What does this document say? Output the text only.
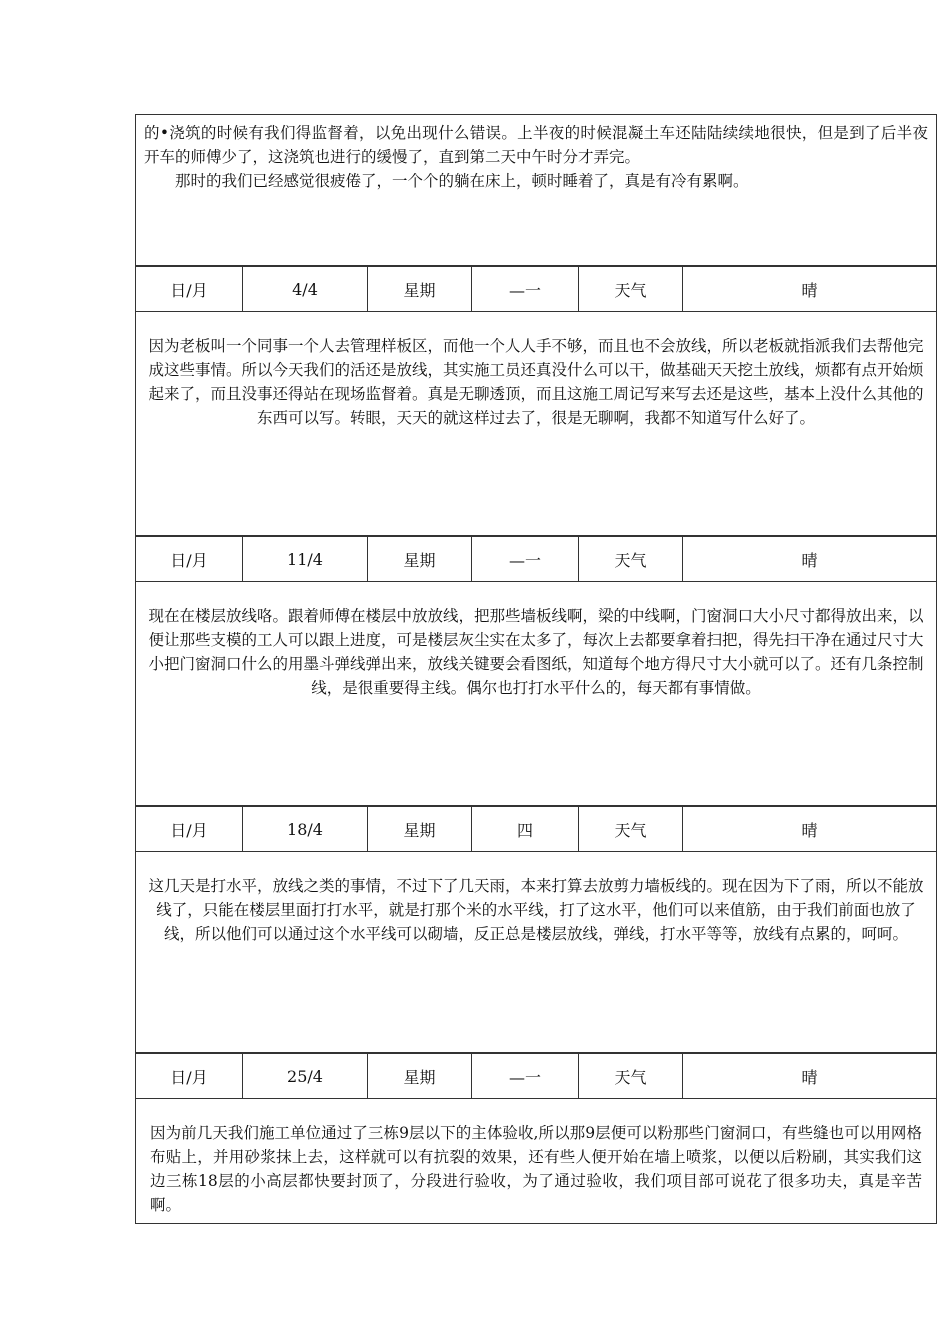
的•浇筑的时候有我们得监督着，以免出现什么错误。上半夜的时候混凝土车还陆陆续续地很快，但是到了后半夜开车的师傅少了，这浇筑也进行的缓慢了，直到第二天中午时分才弄完。

那时的我们已经感觉很疲倦了，一个个的躺在床上，顿时睡着了，真是有冷有累啊。

日/月	4/4	星期	—一	天气	晴

因为老板叫一个同事一个人去管理样板区，而他一个人人手不够，而且也不会放线，所以老板就指派我们去帮他完成这些事情。所以今天我们的活还是放线，其实施工员还真没什么可以干，做基础天天挖土放线，烦都有点开始烦起来了，而且没事还得站在现场监督着。真是无聊透顶，而且这施工周记写来写去还是这些，基本上没什么其他的东西可以写。转眼，天天的就这样过去了，很是无聊啊，我都不知道写什么好了。

日/月	11/4	星期	—一	天气	晴

现在在楼层放线咯。跟着师傅在楼层中放放线，把那些墙板线啊，梁的中线啊，门窗洞口大小尺寸都得放出来，以便让那些支模的工人可以跟上进度，可是楼层灰尘实在太多了，每次上去都要拿着扫把，得先扫干净在通过尺寸大小把门窗洞口什么的用墨斗弹线弹出来，放线关键要会看图纸，知道每个地方得尺寸大小就可以了。还有几条控制线，是很重要得主线。偶尔也打打水平什么的，每天都有事情做。

日/月	18/4	星期	四	天气	晴

这几天是打水平，放线之类的事情，不过下了几天雨，本来打算去放剪力墙板线的。现在因为下了雨，所以不能放线了，只能在楼层里面打打水平，就是打那个米的水平线，打了这水平，他们可以来值筋，由于我们前面也放了线，所以他们可以通过这个水平线可以砌墙，反正总是楼层放线，弹线，打水平等等，放线有点累的，呵呵。

日/月	25/4	星期	—一	天气	晴

因为前几天我们施工单位通过了三栋9层以下的主体验收,所以那9层便可以粉那些门窗洞口，有些缝也可以用网格布贴上，并用砂浆抹上去，这样就可以有抗裂的效果，还有些人便开始在墙上喷浆，以便以后粉刷，其实我们这边三栋18层的小高层都快要封顶了，分段进行验收，为了通过验收，我们项目部可说花了很多功夫，真是辛苦啊。
